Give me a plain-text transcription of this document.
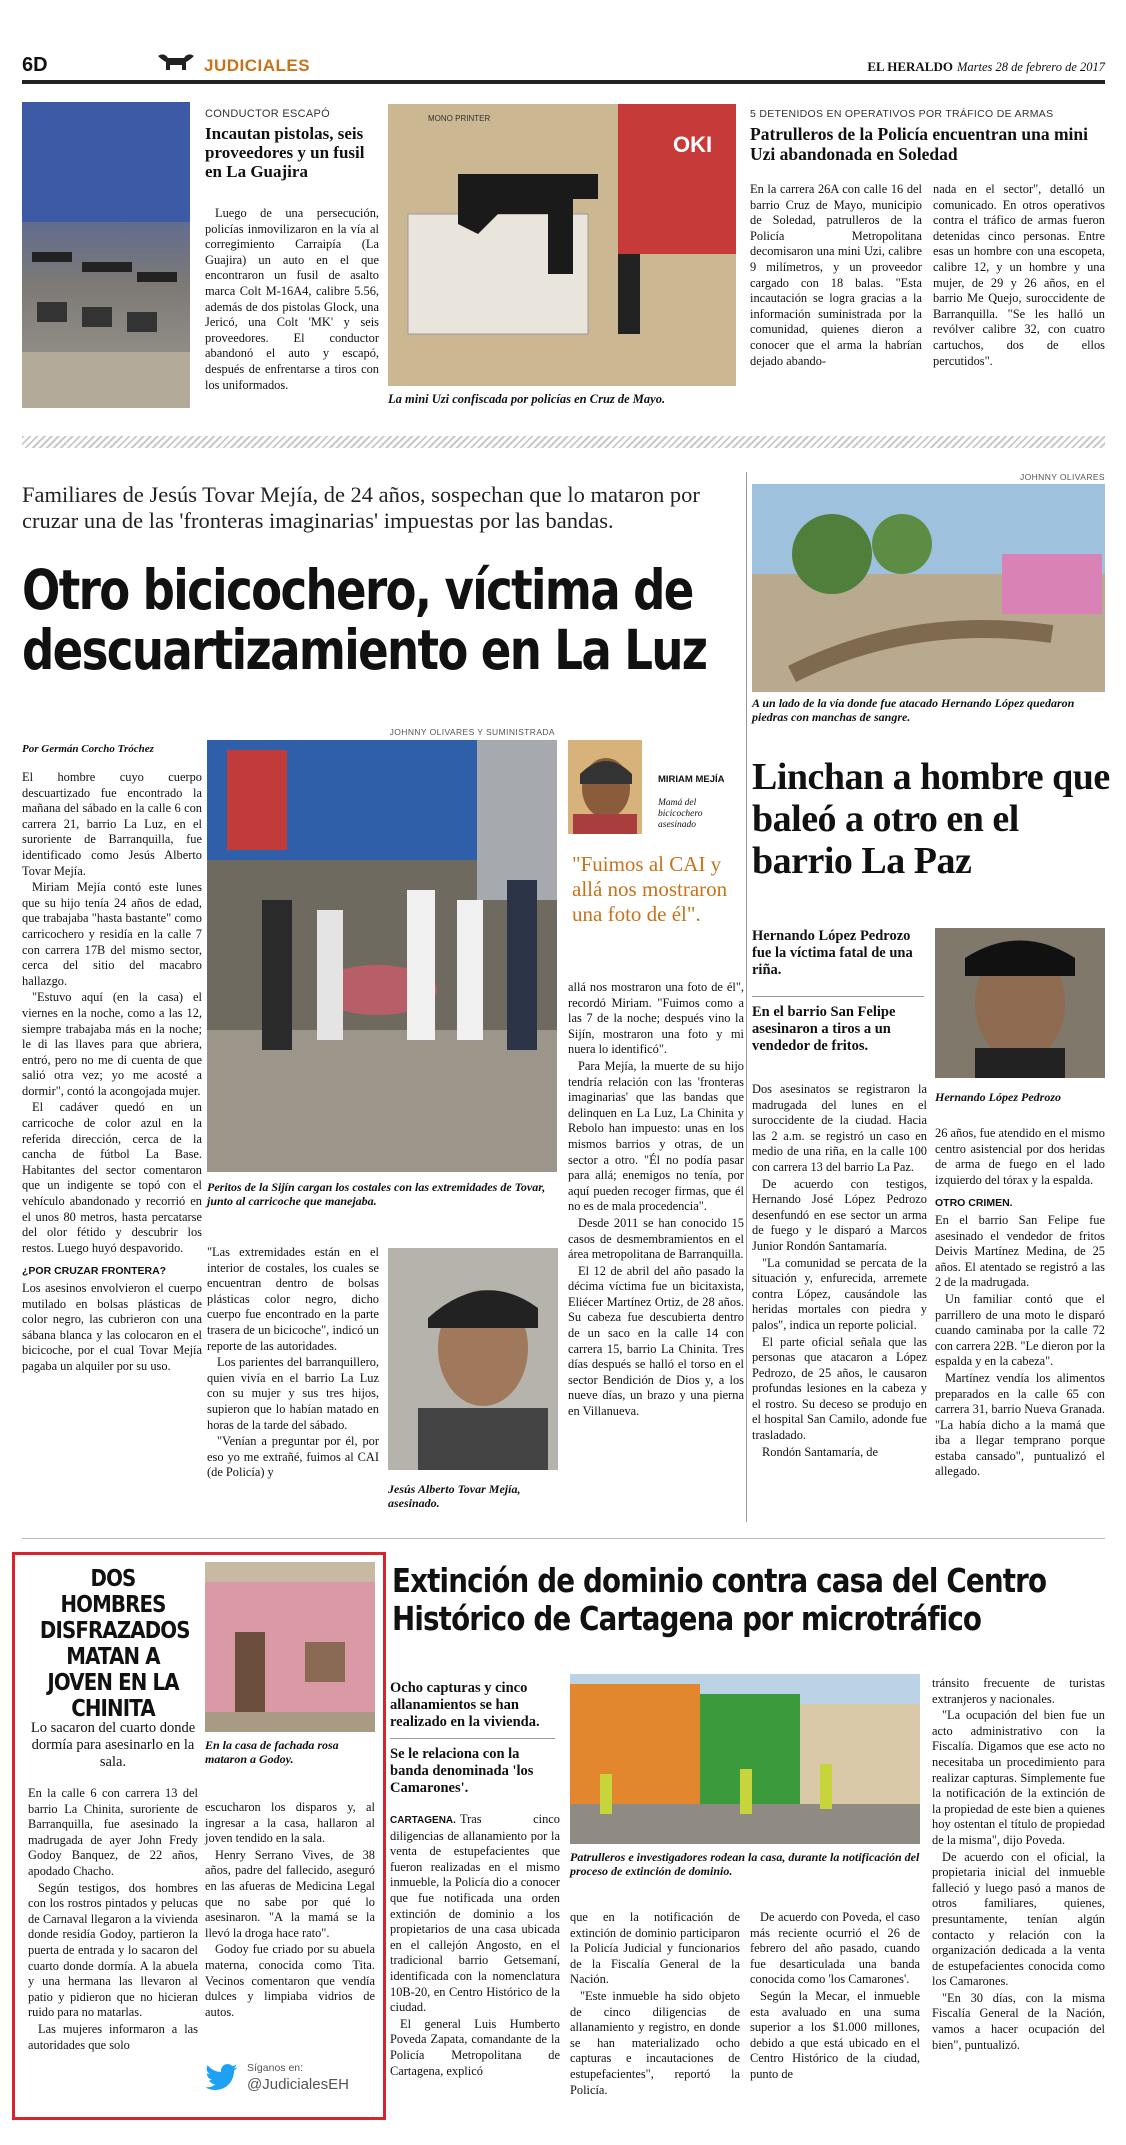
6D	JUDICIALES	EL HERALDO Martes 28 de febrero de 2017
CONDUCTOR ESCAPÓ
Incautan pistolas, seis proveedores y un fusil en La Guajira

Luego de una persecución, policías inmovilizaron en la vía al corregimiento Carraipía (La Guajira) un auto en el que encontraron un fusil de asalto marca Colt M-16A4, calibre 5.56, además de dos pistolas Glock, una Jericó, una Colt 'MK' y seis proveedores. El conductor abandonó el auto y escapó, después de enfrentarse a tiros con los uniformados.

MONO PRINTER
OKI
La mini Uzi confiscada por policías en Cruz de Mayo.
5 DETENIDOS EN OPERATIVOS POR TRÁFICO DE ARMAS
Patrulleros de la Policía encuentran una mini Uzi abandonada en Soledad

En la carrera 26A con calle 16 del barrio Cruz de Mayo, municipio de Soledad, patrulleros de la Policía Metropolitana decomisaron una mini Uzi, calibre 9 milímetros, y un proveedor cargado con 18 balas. "Esta incautación se logra gracias a la información suministrada por la comunidad, quienes dieron a conocer que el arma la habrían dejado abando-

nada en el sector", detalló un comunicado. En otros operativos contra el tráfico de armas fueron detenidas cinco personas. Entre esas un hombre con una escopeta, calibre 12, y un hombre y una mujer, de 29 y 26 años, en el barrio Me Quejo, suroccidente de Barranquilla. "Se les halló un revólver calibre 32, con cuatro cartuchos, dos de ellos percutidos".

Familiares de Jesús Tovar Mejía, de 24 años, sospechan que lo mataron por cruzar una de las 'fronteras imaginarias' impuestas por las bandas.
Otro bicicochero, víctima de descuartizamiento en La Luz
Por Germán Corcho Tróchez

El hombre cuyo cuerpo descuartizado fue encontrado la mañana del sábado en la calle 6 con carrera 21, barrio La Luz, en el suroriente de Barranquilla, fue identificado como Jesús Alberto Tovar Mejía.

Miriam Mejía contó este lunes que su hijo tenía 24 años de edad, que trabajaba "hasta bastante" como carricochero y residía en la calle 7 con carrera 17B del mismo sector, cerca del sitio del macabro hallazgo.

"Estuvo aquí (en la casa) el viernes en la noche, como a las 12, siempre trabajaba más en la noche; le di las llaves para que abriera, entró, pero no me di cuenta de que salió otra vez; yo me acosté a dormir", contó la acongojada mujer.

El cadáver quedó en un carricoche de color azul en la referida dirección, cerca de la cancha de fútbol La Base. Habitantes del sector comentaron que un indigente se topó con el vehículo abandonado y recorrió en el unos 80 metros, hasta percatarse del olor fétido y descubrir los restos. Luego huyó despavorido.

¿POR CRUZAR FRONTERA?

Los asesinos envolvieron el cuerpo mutilado en bolsas plásticas de color negro, las cubrieron con una sábana blanca y las colocaron en el bicicoche, por el cual Tovar Mejía pagaba un alquiler por su uso.

JOHNNY OLIVARES Y SUMINISTRADA
Peritos de la Sijín cargan los costales con las extremidades de Tovar, junto al carricoche que manejaba.

"Las extremidades están en el interior de costales, los cuales se encuentran dentro de bolsas plásticas color negro, dicho cuerpo fue encontrado en la parte trasera de un bicicoche", indicó un reporte de las autoridades.

Los parientes del barranquillero, quien vivía en el barrio La Luz con su mujer y sus tres hijos, supieron que lo habían matado en horas de la tarde del sábado.

"Venían a preguntar por él, por eso yo me extrañé, fuimos al CAI (de Policía) y

Jesús Alberto Tovar Mejía, asesinado.
MIRIAM MEJÍA
Mamá del bicicochero asesinado
"Fuimos al CAI y allá nos mostraron una foto de él".

allá nos mostraron una foto de él", recordó Miriam. "Fuimos como a las 7 de la noche; después vino la Sijín, mostraron una foto y mi nuera lo identificó".

Para Mejía, la muerte de su hijo tendría relación con las 'fronteras imaginarias' que las bandas que delinquen en La Luz, La Chinita y Rebolo han impuesto: unas en los mismos barrios y otras, de un sector a otro. "Él no podía pasar para allá; enemigos no tenía, por aquí pueden recoger firmas, que él no es de mala procedencia".

Desde 2011 se han conocido 15 casos de desmembramientos en el área metropolitana de Barranquilla.

El 12 de abril del año pasado la décima víctima fue un bicitaxista, Eliécer Martínez Ortiz, de 28 años. Su cabeza fue descubierta dentro de un saco en la calle 14 con carrera 15, barrio La Chinita. Tres días después se halló el torso en el sector Bendición de Dios y, a los nueve días, un brazo y una pierna en Villanueva.

JOHNNY OLIVARES
A un lado de la vía donde fue atacado Hernando López quedaron piedras con manchas de sangre.
Linchan a hombre que baleó a otro en el barrio La Paz
Hernando López Pedrozo fue la víctima fatal de una riña.
En el barrio San Felipe asesinaron a tiros a un vendedor de fritos.
Hernando López Pedrozo

Dos asesinatos se registraron la madrugada del lunes en el suroccidente de la ciudad. Hacia las 2 a.m. se registró un caso en medio de una riña, en la calle 100 con carrera 13 del barrio La Paz.

De acuerdo con testigos, Hernando José López Pedrozo desenfundó en ese sector un arma de fuego y le disparó a Marcos Junior Rondón Santamaría.

"La comunidad se percata de la situación y, enfurecida, arremete contra López, causándole las heridas mortales con piedra y palos", indica un reporte policial.

El parte oficial señala que las personas que atacaron a López Pedrozo, de 25 años, le causaron profundas lesiones en la cabeza y el rostro. Su deceso se produjo en el hospital San Camilo, adonde fue trasladado.

Rondón Santamaría, de

26 años, fue atendido en el mismo centro asistencial por dos heridas de arma de fuego en el lado izquierdo del tórax y la espalda.

OTRO CRIMEN.

En el barrio San Felipe fue asesinado el vendedor de fritos Deivis Martínez Medina, de 25 años. El atentado se registró a las 2 de la madrugada.

Un familiar contó que el parrillero de una moto le disparó cuando caminaba por la calle 72 con carrera 22B. "Le dieron por la espalda y en la cabeza".

Martínez vendía los alimentos preparados en la calle 65 con carrera 31, barrio Nueva Granada. "La había dicho a la mamá que iba a llegar temprano porque estaba cansado", puntualizó el allegado.

DOS HOMBRES DISFRAZADOS MATAN A JOVEN EN LA CHINITA
Lo sacaron del cuarto donde dormía para asesinarlo en la sala.
En la casa de fachada rosa mataron a Godoy.

En la calle 6 con carrera 13 del barrio La Chinita, suroriente de Barranquilla, fue asesinado la madrugada de ayer John Fredy Godoy Banquez, de 22 años, apodado Chacho.

Según testigos, dos hombres con los rostros pintados y pelucas de Carnaval llegaron a la vivienda donde residía Godoy, partieron la puerta de entrada y lo sacaron del cuarto donde dormía. A la abuela y una hermana las llevaron al patio y pidieron que no hicieran ruido para no matarlas.

Las mujeres informaron a las autoridades que solo

escucharon los disparos y, al ingresar a la casa, hallaron al joven tendido en la sala.

Henry Serrano Vives, de 38 años, padre del fallecido, aseguró en las afueras de Medicina Legal que no sabe por qué lo asesinaron. "A la mamá se la llevó la droga hace rato".

Godoy fue criado por su abuela materna, conocida como Tita. Vecinos comentaron que vendía dulces y limpiaba vidrios de autos.

Síganos en:
@JudicialesEH
Extinción de dominio contra casa del Centro Histórico de Cartagena por microtráfico
Ocho capturas y cinco allanamientos se han realizado en la vivienda.
Se le relaciona con la banda denominada 'los Camarones'.

CARTAGENA. Tras cinco diligencias de allanamiento por la venta de estupefacientes que fueron realizadas en el mismo inmueble, la Policía dio a conocer que fue notificada una orden extinción de dominio a los propietarios de una casa ubicada en el callejón Angosto, en el tradicional barrio Getsemaní, identificada con la nomenclatura 10B-20, en Centro Histórico de la ciudad.

El general Luis Humberto Poveda Zapata, comandante de la Policía Metropolitana de Cartagena, explicó

Patrulleros e investigadores rodean la casa, durante la notificación del proceso de extinción de dominio.

que en la notificación de extinción de dominio participaron la Policía Judicial y funcionarios de la Fiscalía General de la Nación.

"Este inmueble ha sido objeto de cinco diligencias de allanamiento y registro, en donde se han materializado ocho capturas e incautaciones de estupefacientes", reportó la Policía.

De acuerdo con Poveda, el caso más reciente ocurrió el 26 de febrero del año pasado, cuando fue desarticulada una banda conocida como 'los Camarones'.

Según la Mecar, el inmueble esta avaluado en una suma superior a los $1.000 millones, debido a que está ubicado en el Centro Histórico de la ciudad, punto de

tránsito frecuente de turistas extranjeros y nacionales.

"La ocupación del bien fue un acto administrativo con la Fiscalía. Digamos que ese acto no necesitaba un procedimiento para realizar capturas. Simplemente fue la notificación de la extinción de la propiedad de este bien a quienes hoy ostentan el título de propiedad de la misma", dijo Poveda.

De acuerdo con el oficial, la propietaria inicial del inmueble falleció y luego pasó a manos de otros familiares, quienes, presuntamente, tenían algún contacto y relación con la organización dedicada a la venta de estupefacientes conocida como los Camarones.

"En 30 días, con la misma Fiscalía General de la Nación, vamos a hacer ocupación del bien", puntualizó.
